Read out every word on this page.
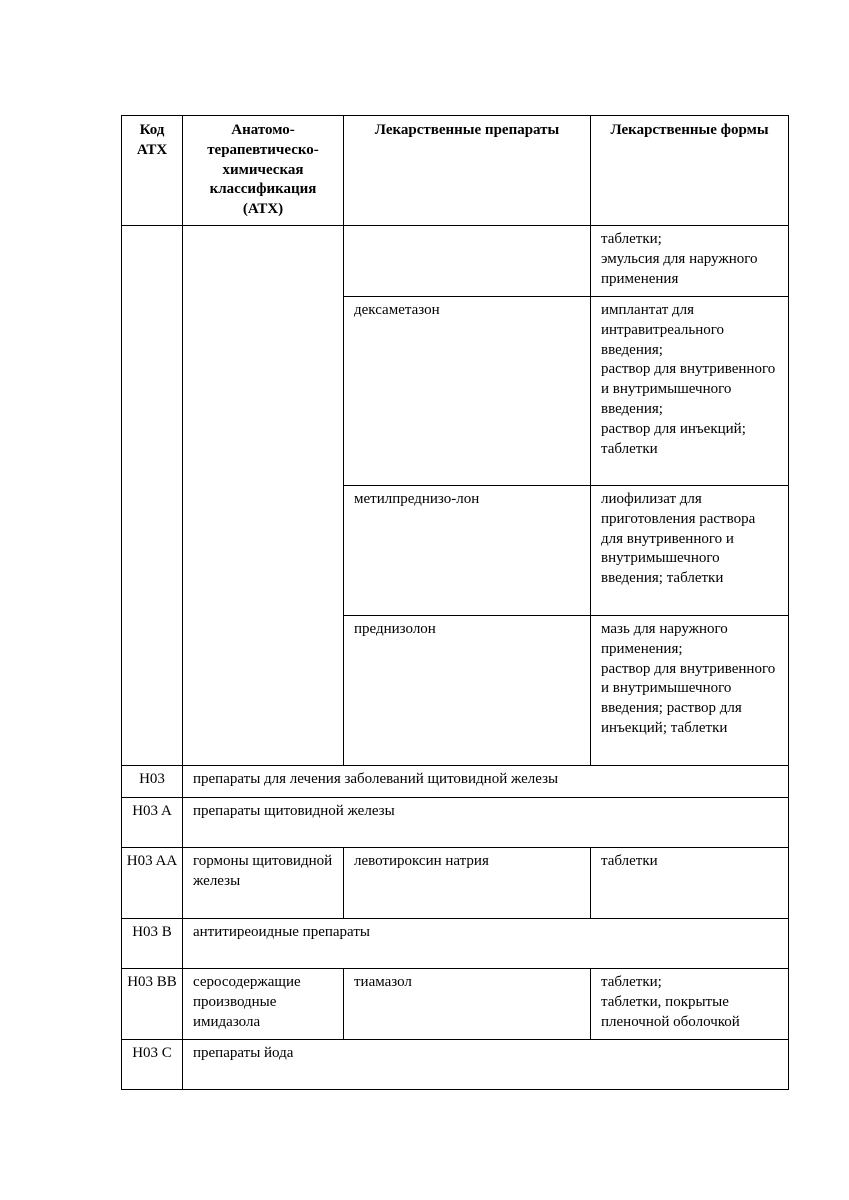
Код АТХ	Анатомо-терапевтическо-химическая классификация (АТХ)	Лекарственные препараты	Лекарственные формы
			таблетки;
эмульсия для наружного применения
		дексаметазон	имплантат для интравитреального введения;
раствор для внутривенного и внутримышечного введения;
раствор для инъекций;
таблетки
		метилпреднизо-лон	лиофилизат для приготовления раствора для внутривенного и внутримышечного введения; таблетки
		преднизолон	мазь для наружного применения;
раствор для внутривенного и внутримышечного введения; раствор для инъекций; таблетки
H03	препараты для лечения заболеваний щитовидной железы		
H03 A	препараты щитовидной железы		
H03 AA	гормоны щитовидной железы	левотироксин натрия	таблетки
H03 B	антитиреоидные препараты		
H03 BB	серосодержащие производные имидазола	тиамазол	таблетки;
таблетки, покрытые пленочной оболочкой
H03 C	препараты йода		
